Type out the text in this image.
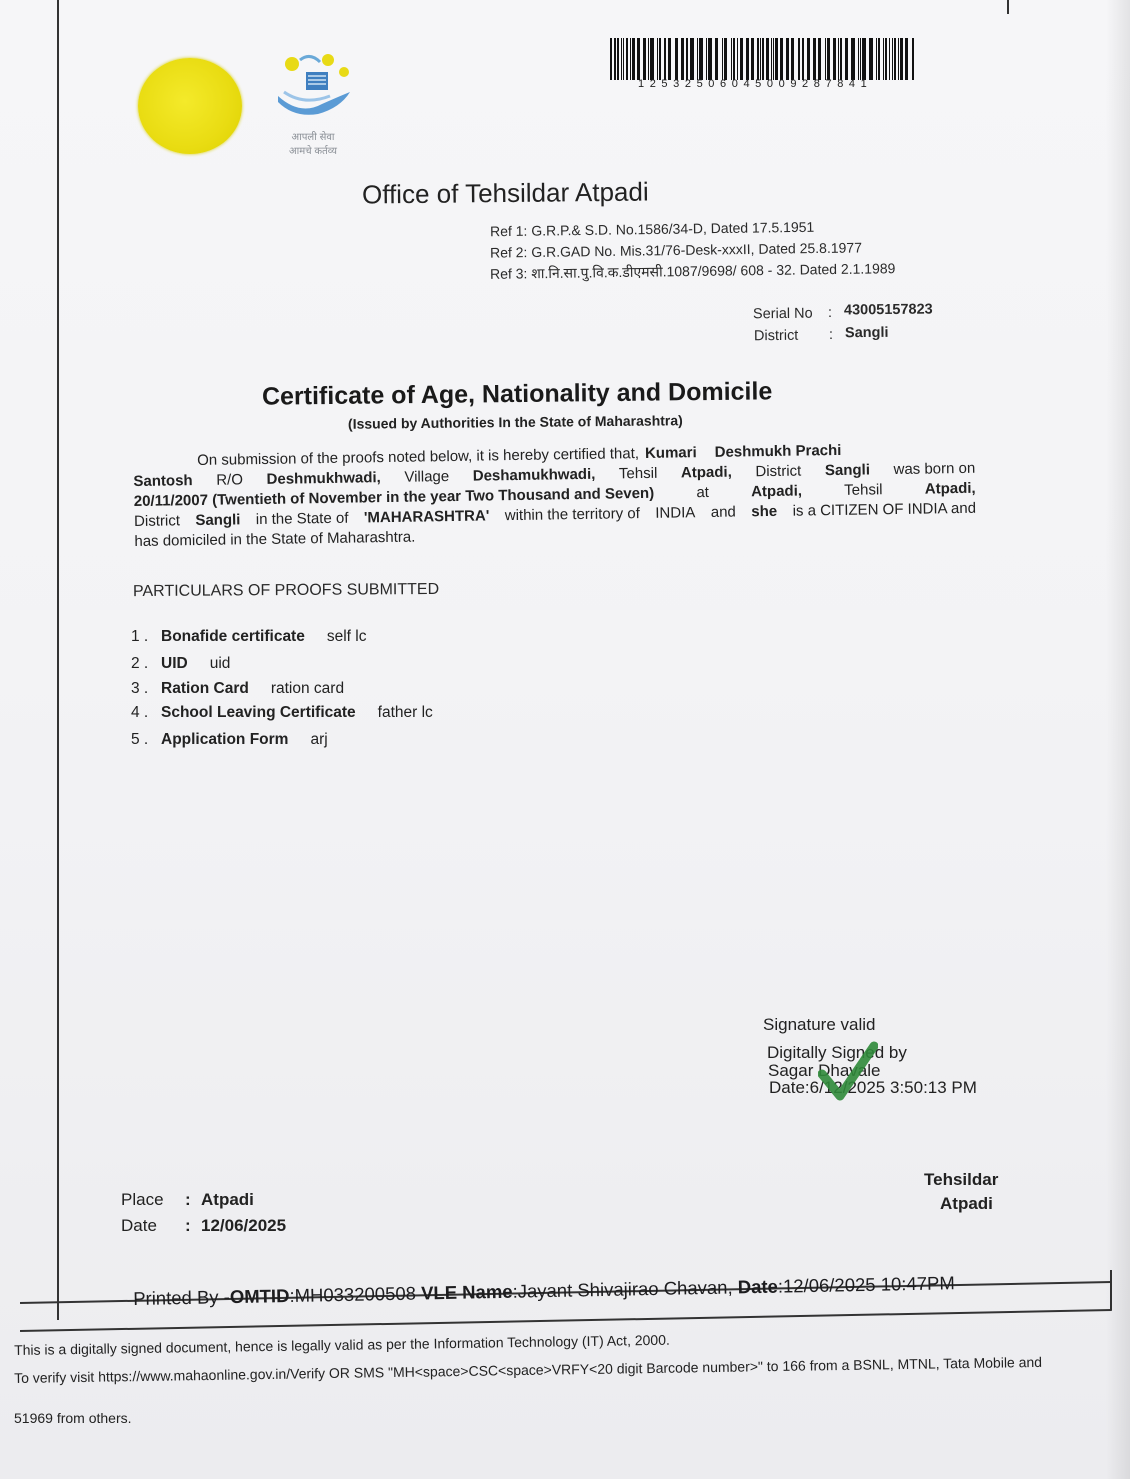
आपली सेवा
आमचे कर्तव्य
12532506045009287841
Office of Tehsildar Atpadi
Ref 1: G.R.P.& S.D. No.1586/34-D, Dated 17.5.1951
Ref 2: G.R.GAD No. Mis.31/76-Desk-xxxII, Dated 25.8.1977
Ref 3: शा.नि.सा.पु.वि.क.डीएमसी.1087/9698/ 608 - 32. Dated 2.1.1989
Serial No : 43005157823
District : Sangli
Certificate of Age, Nationality and Domicile
(Issued by Authorities In the State of Maharashtra)
On submission of the proofs noted below, it is hereby certified that, Kumari Deshmukh Prachi
Santosh R/O Deshmukhwadi, Village Deshamukhwadi, Tehsil Atpadi, District Sangli was born on
20/11/2007 (Twentieth of November in the year Two Thousand and Seven)	at	Atpadi,	Tehsil	Atpadi,
District Sangli in the State of 'MAHARASHTRA' within the territory of INDIA and she is a CITIZEN OF INDIA and
has domiciled in the State of Maharashtra.
PARTICULARS OF PROOFS SUBMITTED
1 . Bonafide certificate self lc
2 . UID uid
3 . Ration Card ration card
4 . School Leaving Certificate father lc
5 . Application Form arj
Signature valid
Digitally Signed by
Sagar Dhavale
Date:6/12/2025 3:50:13 PM
Place : Atpadi
Date : 12/06/2025
Tehsildar
Atpadi
Printed By -OMTID:MH033200508 VLE Name:Jayant Shivajirao Chavan, Date:12/06/2025 10:47PM
This is a digitally signed document, hence is legally valid as per the Information Technology (IT) Act, 2000.
To verify visit https://www.mahaonline.gov.in/Verify OR SMS "MH<space>CSC<space>VRFY<20 digit Barcode number>" to 166 from a BSNL, MTNL, Tata Mobile and
51969 from others.
